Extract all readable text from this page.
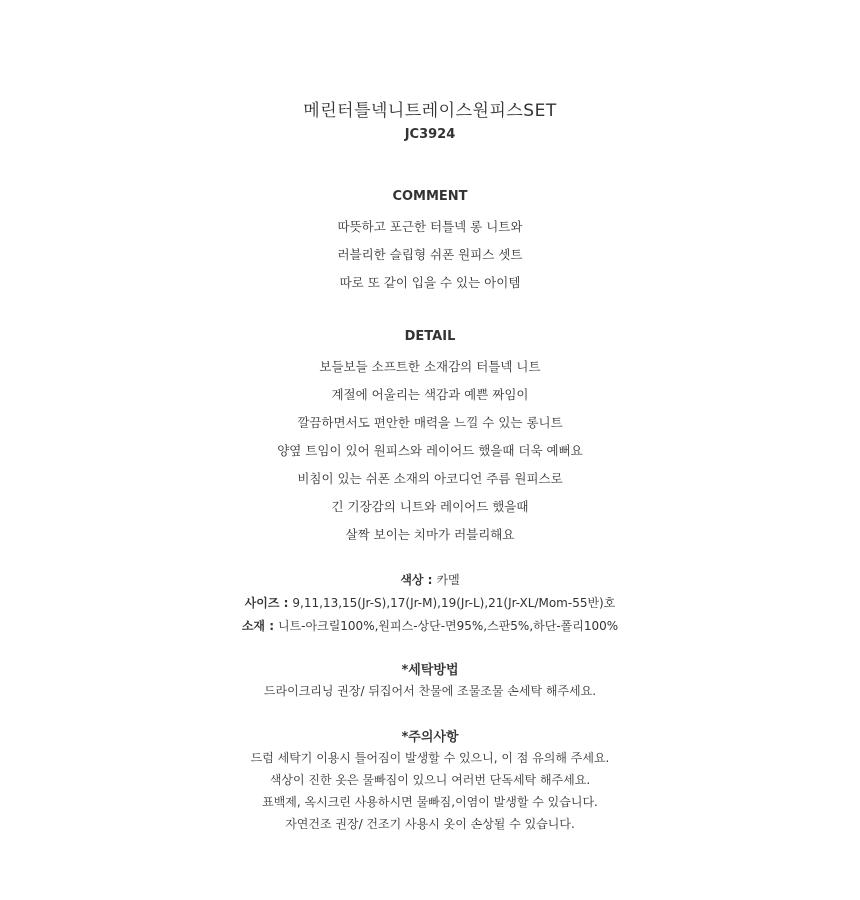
메린터틀넥니트레이스원피스SET
JC3924
COMMENT
따뜻하고 포근한 터틀넥 롱 니트와
러블리한 슬립형 쉬폰 원피스 셋트
따로 또 같이 입을 수 있는 아이템
DETAIL
보들보들 소프트한 소재감의 터틀넥 니트
계절에 어울리는 색감과 예쁜 짜임이
깔끔하면서도 편안한 매력을 느낄 수 있는 롱니트
양옆 트임이 있어 원피스와 레이어드 했을때 더욱 예뻐요
비침이 있는 쉬폰 소재의 아코디언 주름 원피스로
긴 기장감의 니트와 레이어드 했을때
살짝 보이는 치마가 러블리해요
색상 : 카멜
사이즈 : 9,11,13,15(Jr-S),17(Jr-M),19(Jr-L),21(Jr-XL/Mom-55반)호
소재 : 니트-아크릴100%,원피스-상단-면95%,스판5%,하단-폴리100%
*세탁방법
드라이크리닝 권장/ 뒤집어서 찬물에 조물조물 손세탁 해주세요.
*주의사항
드럼 세탁기 이용시 틀어짐이 발생할 수 있으니, 이 점 유의해 주세요.
색상이 진한 옷은 물빠짐이 있으니 여러번 단독세탁 해주세요.
표백제, 옥시크린 사용하시면 물빠짐,이염이 발생할 수 있습니다.
자연건조 권장/ 건조기 사용시 옷이 손상될 수 있습니다.
